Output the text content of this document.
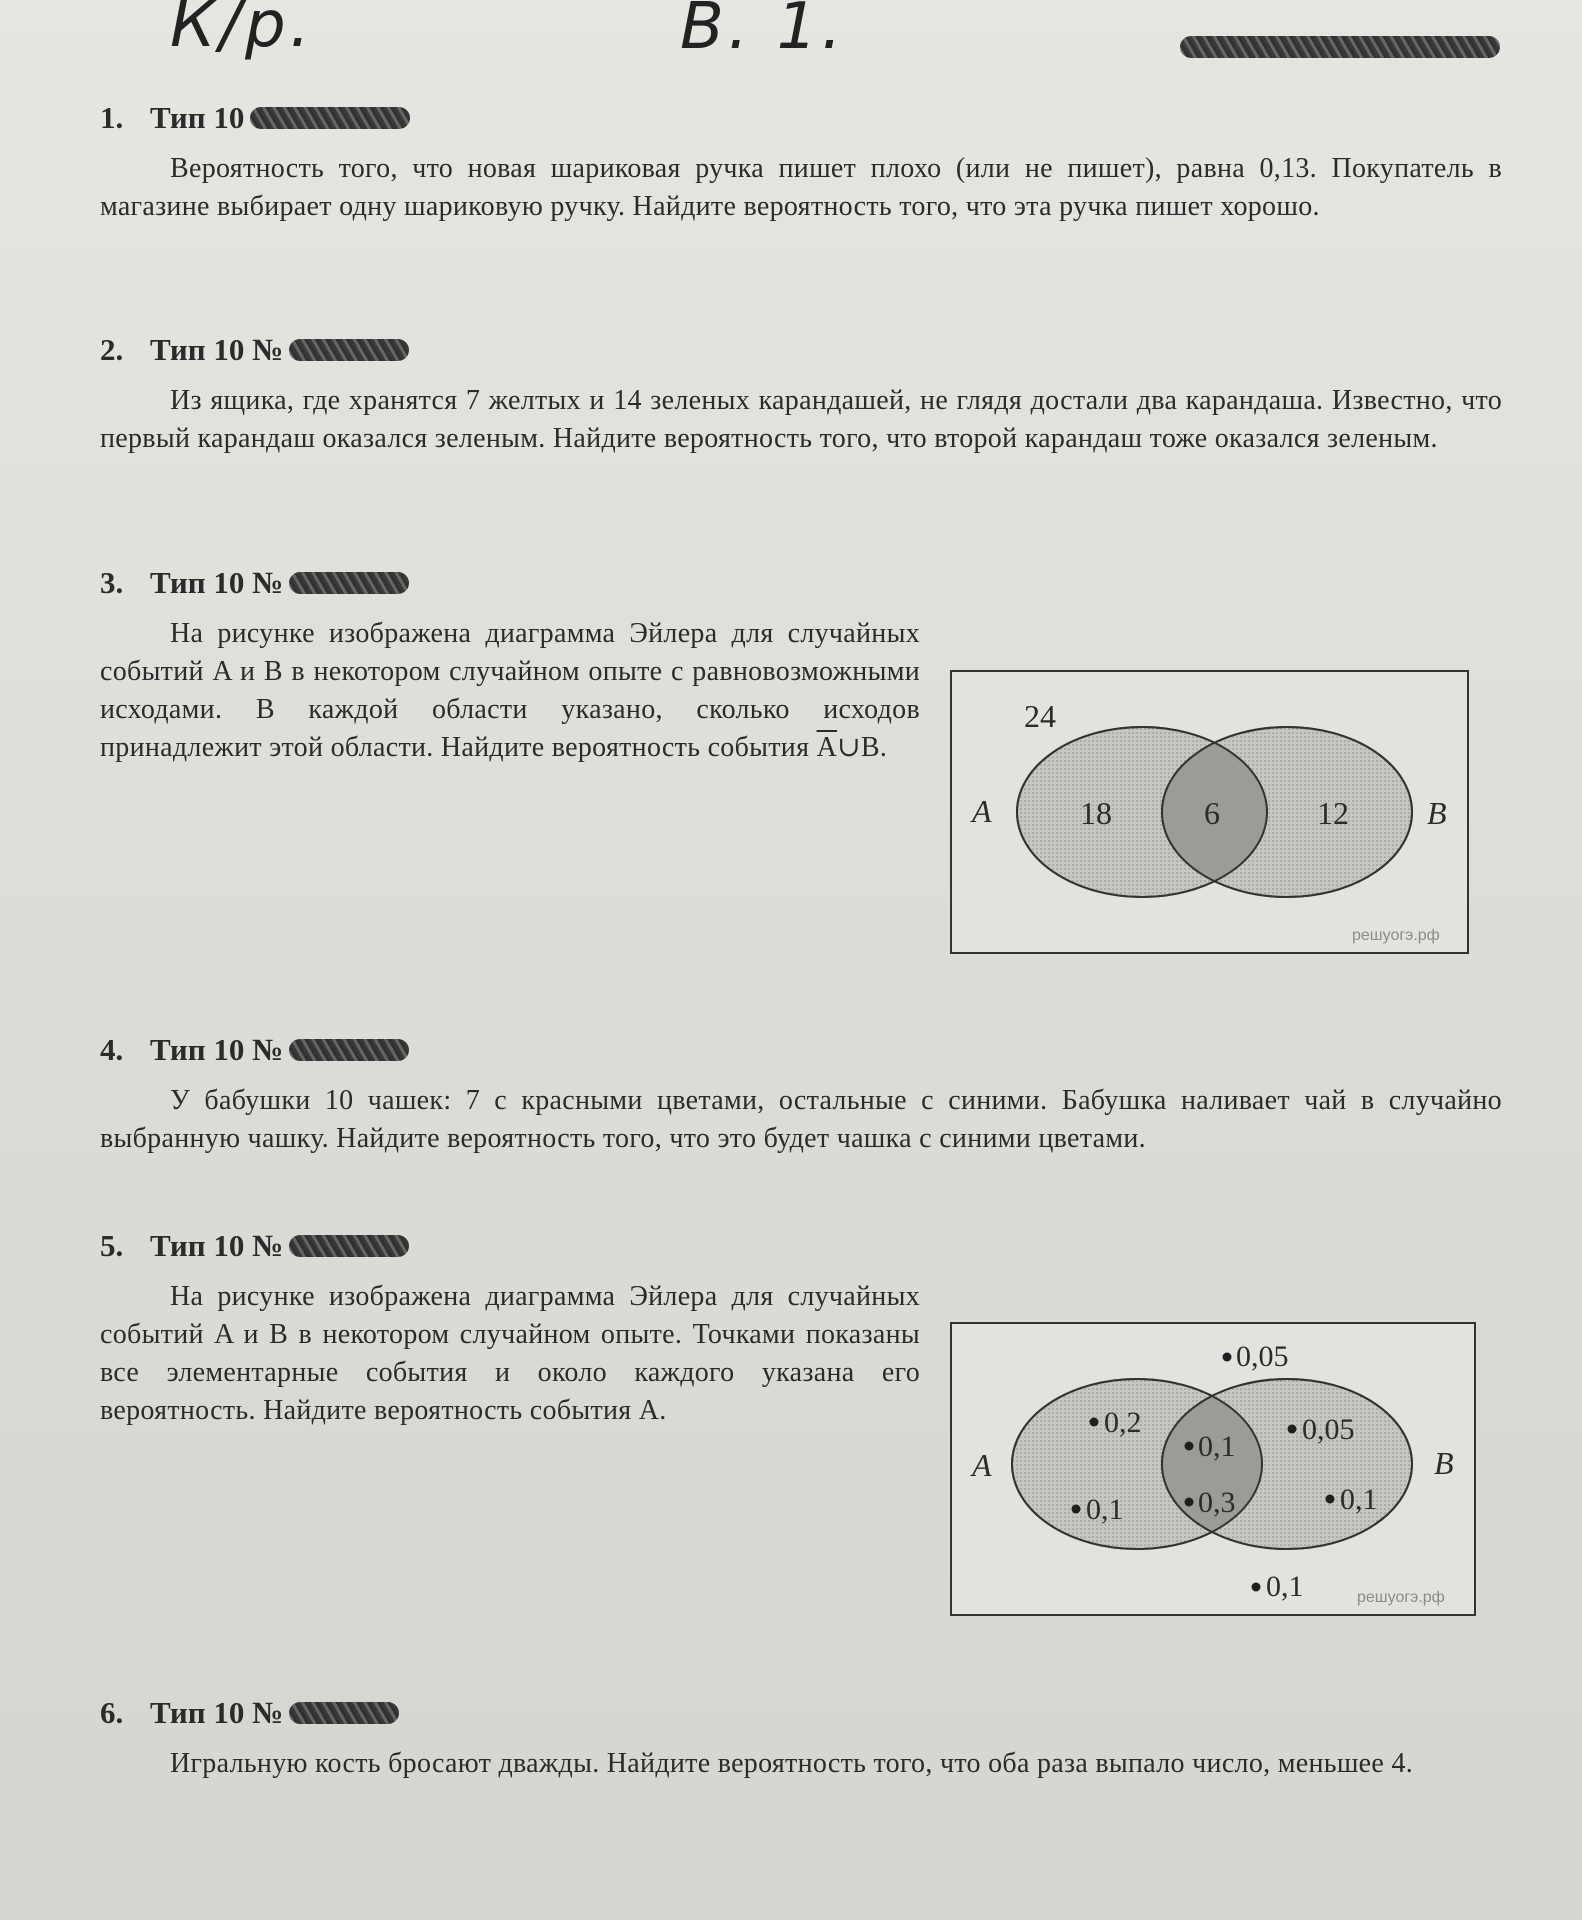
К/р.	В. 1.
1. Тип 10
Вероятность того, что новая шариковая ручка пишет плохо (или не пишет), равна 0,13. Покупатель в магазине выбирает одну шариковую ручку. Найдите вероятность того, что эта ручка пишет хорошо.
2. Тип 10 №
Из ящика, где хранятся 7 желтых и 14 зеленых карандашей, не глядя достали два карандаша. Известно, что первый карандаш оказался зеленым. Найдите вероятность того, что второй карандаш тоже оказался зеленым.
3. Тип 10 №
На рисунке изображена диаграмма Эйлера для случайных событий A и B в некотором случайном опыте с равновозможными исходами. В каждой области указано, сколько исходов принадлежит этой области. Найдите вероятность события $\overline{A}\cup B$.
24
18	6	12
A	B
решуогэ.рф
4. Тип 10 №
У бабушки 10 чашек: 7 с красными цветами, остальные с синими. Бабушка наливает чай в случайно выбранную чашку. Найдите вероятность того, что это будет чашка с синими цветами.
5. Тип 10 №
На рисунке изображена диаграмма Эйлера для случайных событий A и B в некотором случайном опыте. Точками показаны все элементарные события и около каждого указана его вероятность. Найдите вероятность события A.
0,05
0,2
0,1
0,1
0,3
0,05
0,1
0,1
A	B
решуогэ.рф
6. Тип 10 №
Игральную кость бросают дважды. Найдите вероятность того, что оба раза выпало число, меньшее 4.
